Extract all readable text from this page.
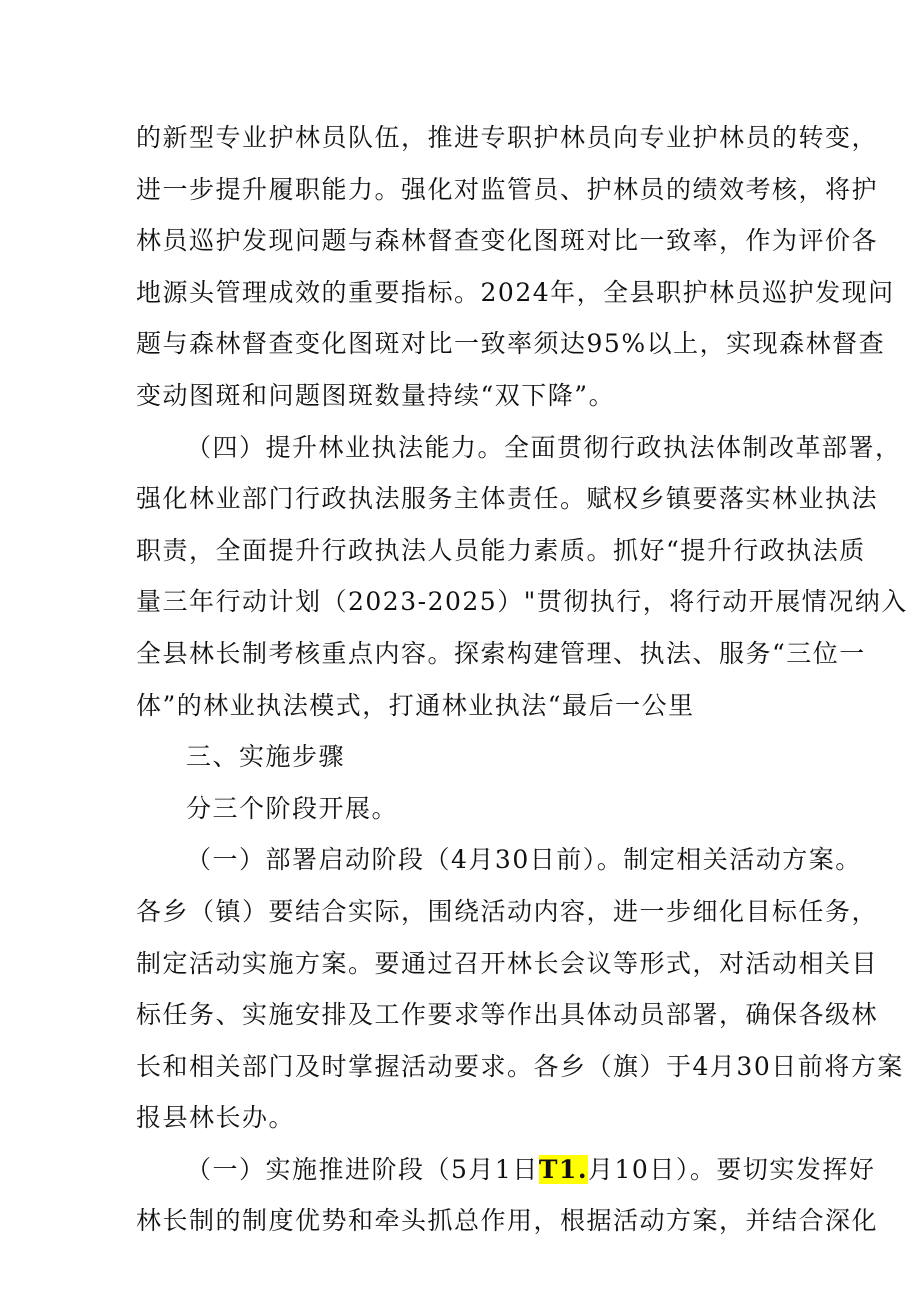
的新型专业护林员队伍，推进专职护林员向专业护林员的转变，

进一步提升履职能力。强化对监管员、护林员的绩效考核，将护

林员巡护发现问题与森林督查变化图斑对比一致率，作为评价各

地源头管理成效的重要指标。2024年，全县职护林员巡护发现问

题与森林督查变化图斑对比一致率须达95%以上，实现森林督查

变动图斑和问题图斑数量持续“双下降”。

（四）提升林业执法能力。全面贯彻行政执法体制改革部署，

强化林业部门行政执法服务主体责任。赋权乡镇要落实林业执法

职责，全面提升行政执法人员能力素质。抓好“提升行政执法质

量三年行动计划（2023-2025）"贯彻执行，将行动开展情况纳入

全县林长制考核重点内容。探索构建管理、执法、服务“三位一

体”的林业执法模式，打通林业执法“最后一公里

三、实施步骤

分三个阶段开展。

（一）部署启动阶段（4月30日前）。制定相关活动方案。

各乡（镇）要结合实际，围绕活动内容，进一步细化目标任务，

制定活动实施方案。要通过召开林长会议等形式，对活动相关目

标任务、实施安排及工作要求等作出具体动员部署，确保各级林

长和相关部门及时掌握活动要求。各乡（旗）于4月30日前将方案

报县林长办。

（一）实施推进阶段（5月1日T1.月10日）。要切实发挥好

林长制的制度优势和牵头抓总作用，根据活动方案，并结合深化
